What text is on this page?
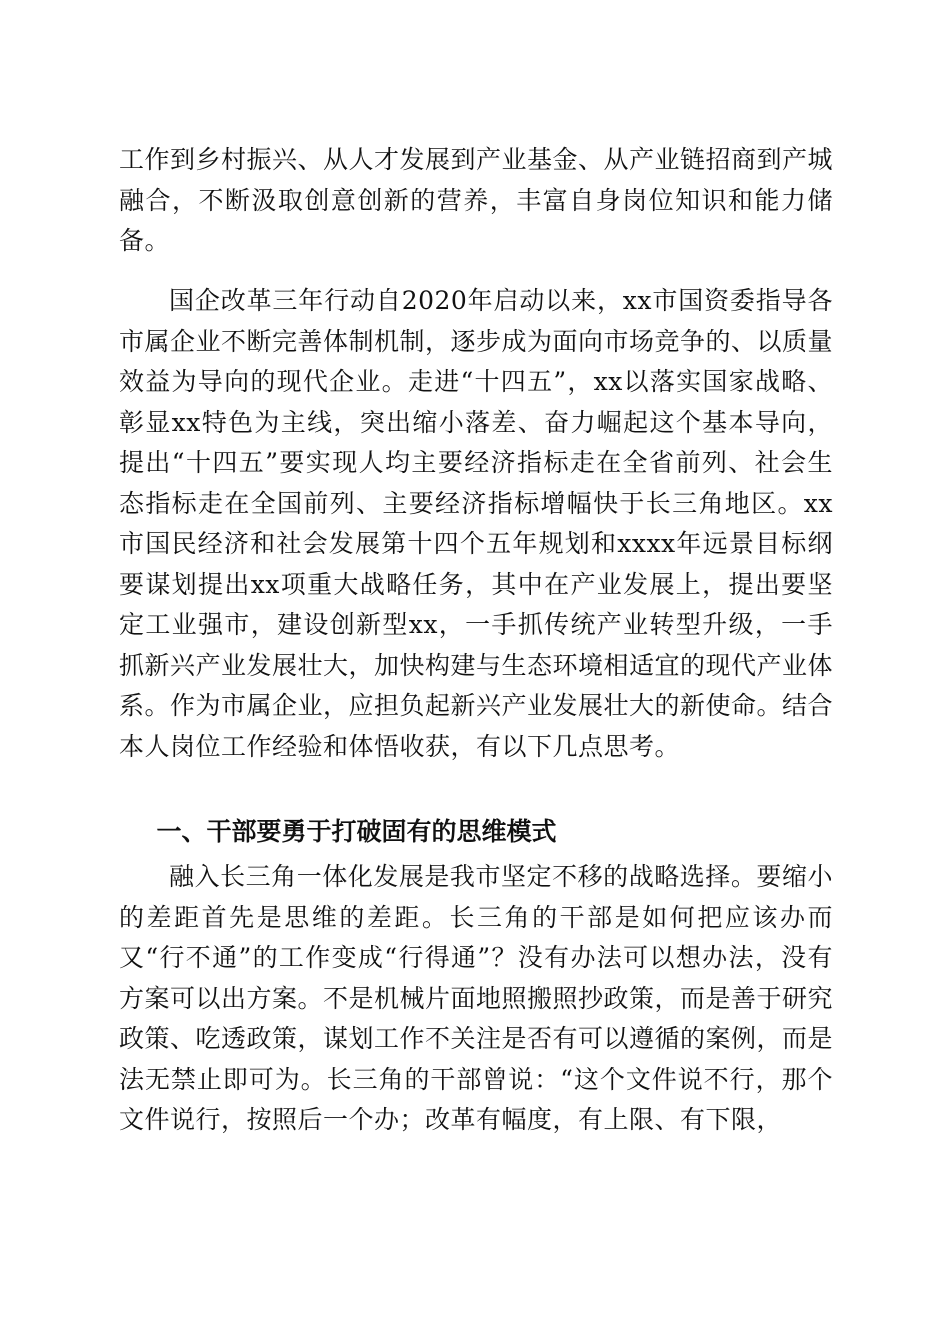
工作到乡村振兴、从人才发展到产业基金、从产业链招商到产城融合，不断汲取创意创新的营养，丰富自身岗位知识和能力储备。

国企改革三年行动自2020年启动以来，xx市国资委指导各市属企业不断完善体制机制，逐步成为面向市场竞争的、以质量效益为导向的现代企业。走进“十四五”，xx以落实国家战略、彰显xx特色为主线，突出缩小落差、奋力崛起这个基本导向，提出“十四五”要实现人均主要经济指标走在全省前列、社会生态指标走在全国前列、主要经济指标增幅快于长三角地区。xx市国民经济和社会发展第十四个五年规划和xxxx年远景目标纲要谋划提出xx项重大战略任务，其中在产业发展上，提出要坚定工业强市，建设创新型xx，一手抓传统产业转型升级，一手抓新兴产业发展壮大，加快构建与生态环境相适宜的现代产业体系。作为市属企业，应担负起新兴产业发展壮大的新使命。结合本人岗位工作经验和体悟收获，有以下几点思考。

一、干部要勇于打破固有的思维模式

融入长三角一体化发展是我市坚定不移的战略选择。要缩小的差距首先是思维的差距。长三角的干部是如何把应该办而又“行不通”的工作变成“行得通”？没有办法可以想办法，没有方案可以出方案。不是机械片面地照搬照抄政策，而是善于研究政策、吃透政策，谋划工作不关注是否有可以遵循的案例，而是法无禁止即可为。长三角的干部曾说：“这个文件说不行，那个文件说行，按照后一个办；改革有幅度，有上限、有下限，
